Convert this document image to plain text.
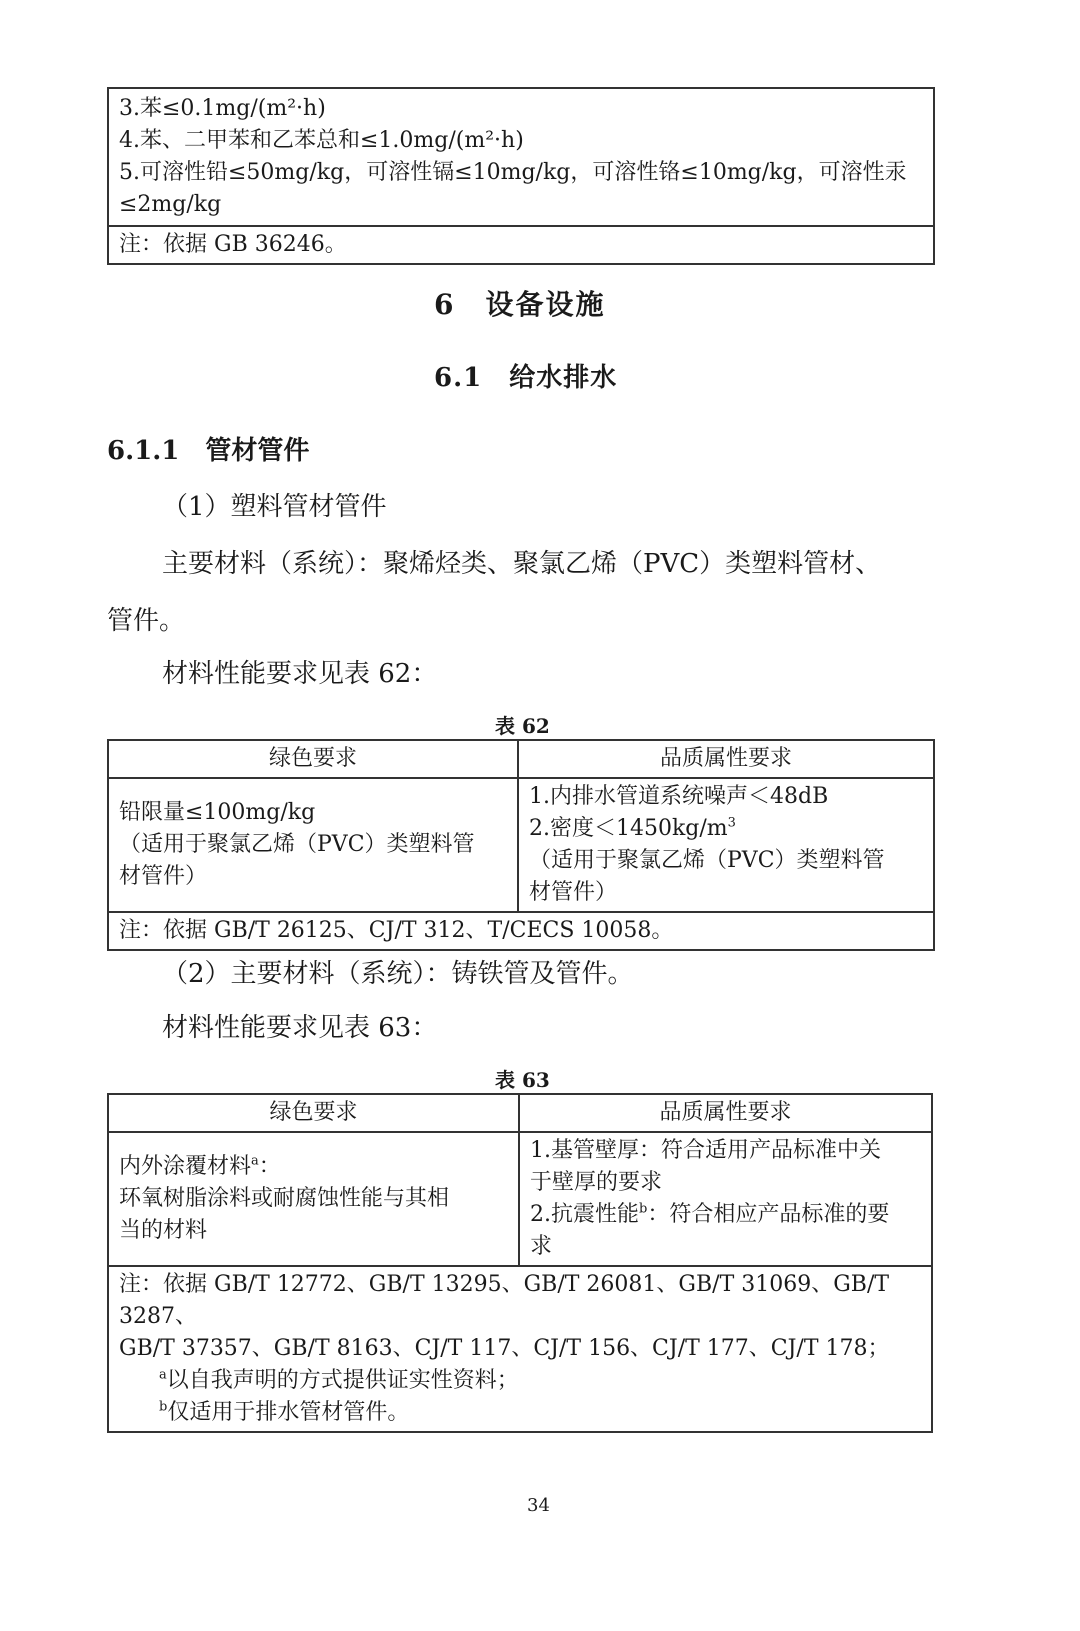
3.苯≤0.1mg/(m²·h)
4.苯、二甲苯和乙苯总和≤1.0mg/(m²·h)
5.可溶性铅≤50mg/kg，可溶性镉≤10mg/kg，可溶性铬≤10mg/kg，可溶性汞
≤2mg/kg

注：依据 GB 36246。
6　设备设施
6.1　给水排水
6.1.1　管材管件
（1）塑料管材管件
主要材料（系统）：聚烯烃类、聚氯乙烯（PVC）类塑料管材、
管件。
材料性能要求见表 62：
表 62
绿色要求	品质属性要求

铅限量≤100mg/kg
（适用于聚氯乙烯（PVC）类塑料管
材管件）	1.内排水管道系统噪声＜48dB
2.密度$<1450kg/m^3$
（适用于聚氯乙烯（PVC）类塑料管
材管件）

注：依据 GB/T 26125、CJ/T 312、T/CECS 10058。	
（2）主要材料（系统）：铸铁管及管件。
材料性能要求见表 63：
表 63
绿色要求	品质属性要求

内外涂覆材料$^a$：
环氧树脂涂料或耐腐蚀性能与其相
当的材料	1.基管壁厚：符合适用产品标准中关
于壁厚的要求
2.抗震性能$^b$：符合相应产品标准的要
求

注：依据 GB/T 12772、GB/T 13295、GB/T 26081、GB/T 31069、GB/T 3287、
GB/T 37357、GB/T 8163、CJ/T 117、CJ/T 156、CJ/T 177、CJ/T 178；
$^a$以自我声明的方式提供证实性资料；
$^b$仅适用于排水管材管件。	
34
